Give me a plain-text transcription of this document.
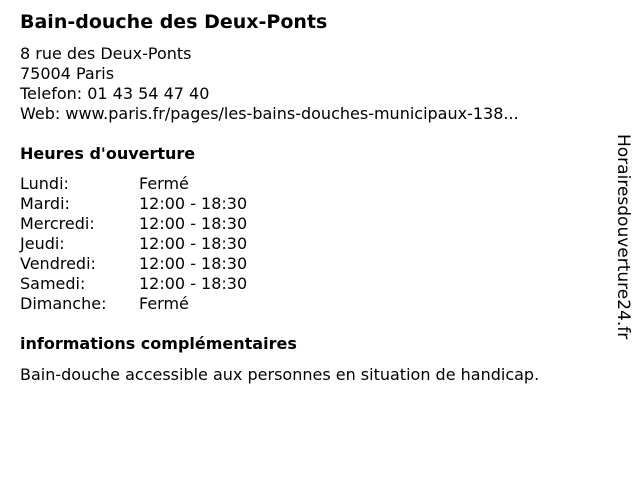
Bain-douche des Deux-Ponts
8 rue des Deux-Ponts
75004 Paris
Telefon: 01 43 54 47 40
Web: www.paris.fr/pages/les-bains-douches-municipaux-138...
Heures d'ouverture
Lundi:	Fermé
Mardi:	12:00 - 18:30
Mercredi:	12:00 - 18:30
Jeudi:	12:00 - 18:30
Vendredi:	12:00 - 18:30
Samedi:	12:00 - 18:30
Dimanche: Fermé
informations complémentaires
Bain-douche accessible aux personnes en situation de handicap.
Horairesdouverture24.fr
